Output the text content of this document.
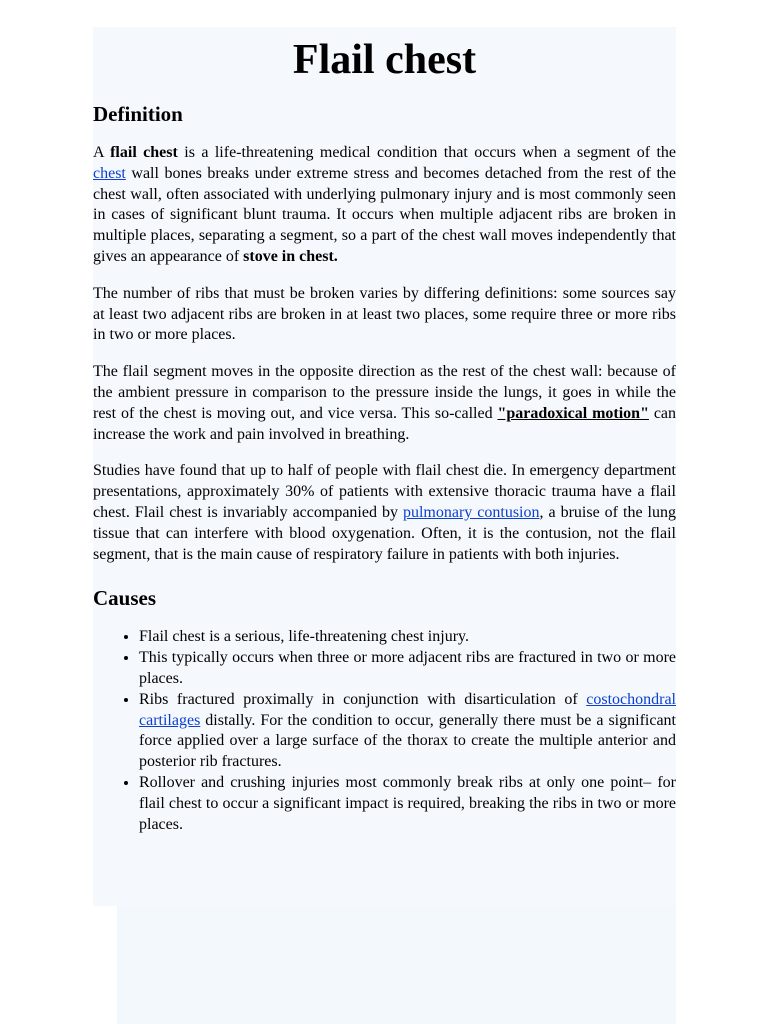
Flail chest
Definition

A flail chest is a life-threatening medical condition that occurs when a segment of the chest wall bones breaks under extreme stress and becomes detached from the rest of the chest wall, often associated with underlying pulmonary injury and is most commonly seen in cases of significant blunt trauma. It occurs when multiple adjacent ribs are broken in multiple places, separating a segment, so a part of the chest wall moves independently that gives an appearance of stove in chest.

The number of ribs that must be broken varies by differing definitions: some sources say at least two adjacent ribs are broken in at least two places, some require three or more ribs in two or more places.

The flail segment moves in the opposite direction as the rest of the chest wall: because of the ambient pressure in comparison to the pressure inside the lungs, it goes in while the rest of the chest is moving out, and vice versa. This so-called "paradoxical motion" can increase the work and pain involved in breathing.

Studies have found that up to half of people with flail chest die. In emergency department presentations, approximately 30% of patients with extensive thoracic trauma have a flail chest. Flail chest is invariably accompanied by pulmonary contusion, a bruise of the lung tissue that can interfere with blood oxygenation. Often, it is the contusion, not the flail segment, that is the main cause of respiratory failure in patients with both injuries.

Causes
• Flail chest is a serious, life-threatening chest injury.
• This typically occurs when three or more adjacent ribs are fractured in two or more places.
• Ribs fractured proximally in conjunction with disarticulation of costochondral cartilages distally. For the condition to occur, generally there must be a significant force applied over a large surface of the thorax to create the multiple anterior and posterior rib fractures.
• Rollover and crushing injuries most commonly break ribs at only one point– for flail chest to occur a significant impact is required, breaking the ribs in two or more places.
